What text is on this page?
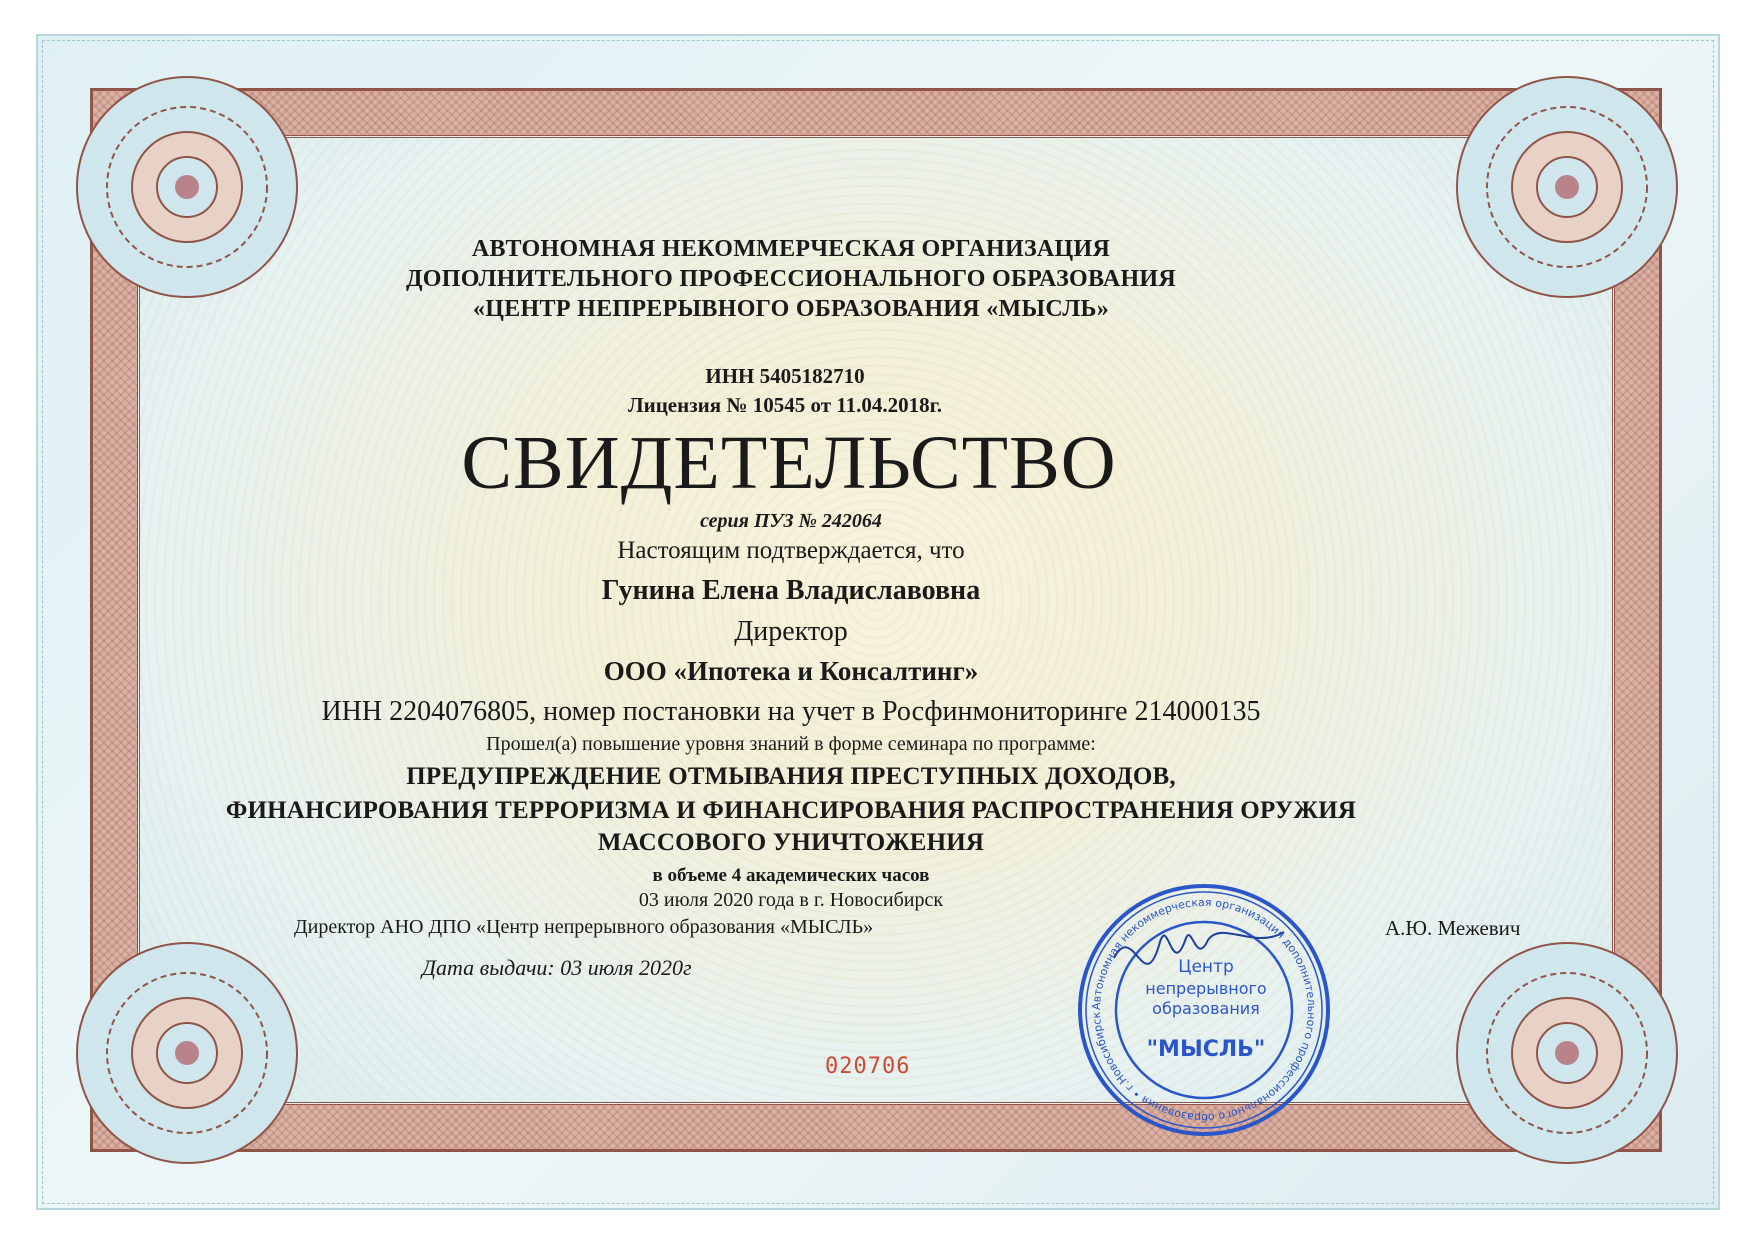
АВТОНОМНАЯ НЕКОММЕРЧЕСКАЯ ОРГАНИЗАЦИЯ
ДОПОЛНИТЕЛЬНОГО ПРОФЕССИОНАЛЬНОГО ОБРАЗОВАНИЯ
«ЦЕНТР НЕПРЕРЫВНОГО ОБРАЗОВАНИЯ «МЫСЛЬ»
ИНН 5405182710
Лицензия № 10545 от 11.04.2018г.
СВИДЕТЕЛЬСТВО
серия ПУЗ № 242064
Настоящим подтверждается, что
Гунина Елена Владиславовна
Директор
ООО «Ипотека и Консалтинг»
ИНН 2204076805, номер постановки на учет в Росфинмониторинге 214000135
Прошел(а) повышение уровня знаний в форме семинара по программе:
ПРЕДУПРЕЖДЕНИЕ ОТМЫВАНИЯ ПРЕСТУПНЫХ ДОХОДОВ,
ФИНАНСИРОВАНИЯ ТЕРРОРИЗМА И ФИНАНСИРОВАНИЯ РАСПРОСТРАНЕНИЯ ОРУЖИЯ
МАССОВОГО УНИЧТОЖЕНИЯ
в объеме 4 академических часов
03 июля 2020 года в г. Новосибирск
Директор АНО ДПО «Центр непрерывного образования «МЫСЛЬ»	А.Ю. Межевич
Дата выдачи: 03 июля 2020г
020706
Автономная некоммерческая организация дополнительного профессионального образования • г.Новосибирск
Центр
непрерывного
образования
"МЫСЛЬ"
